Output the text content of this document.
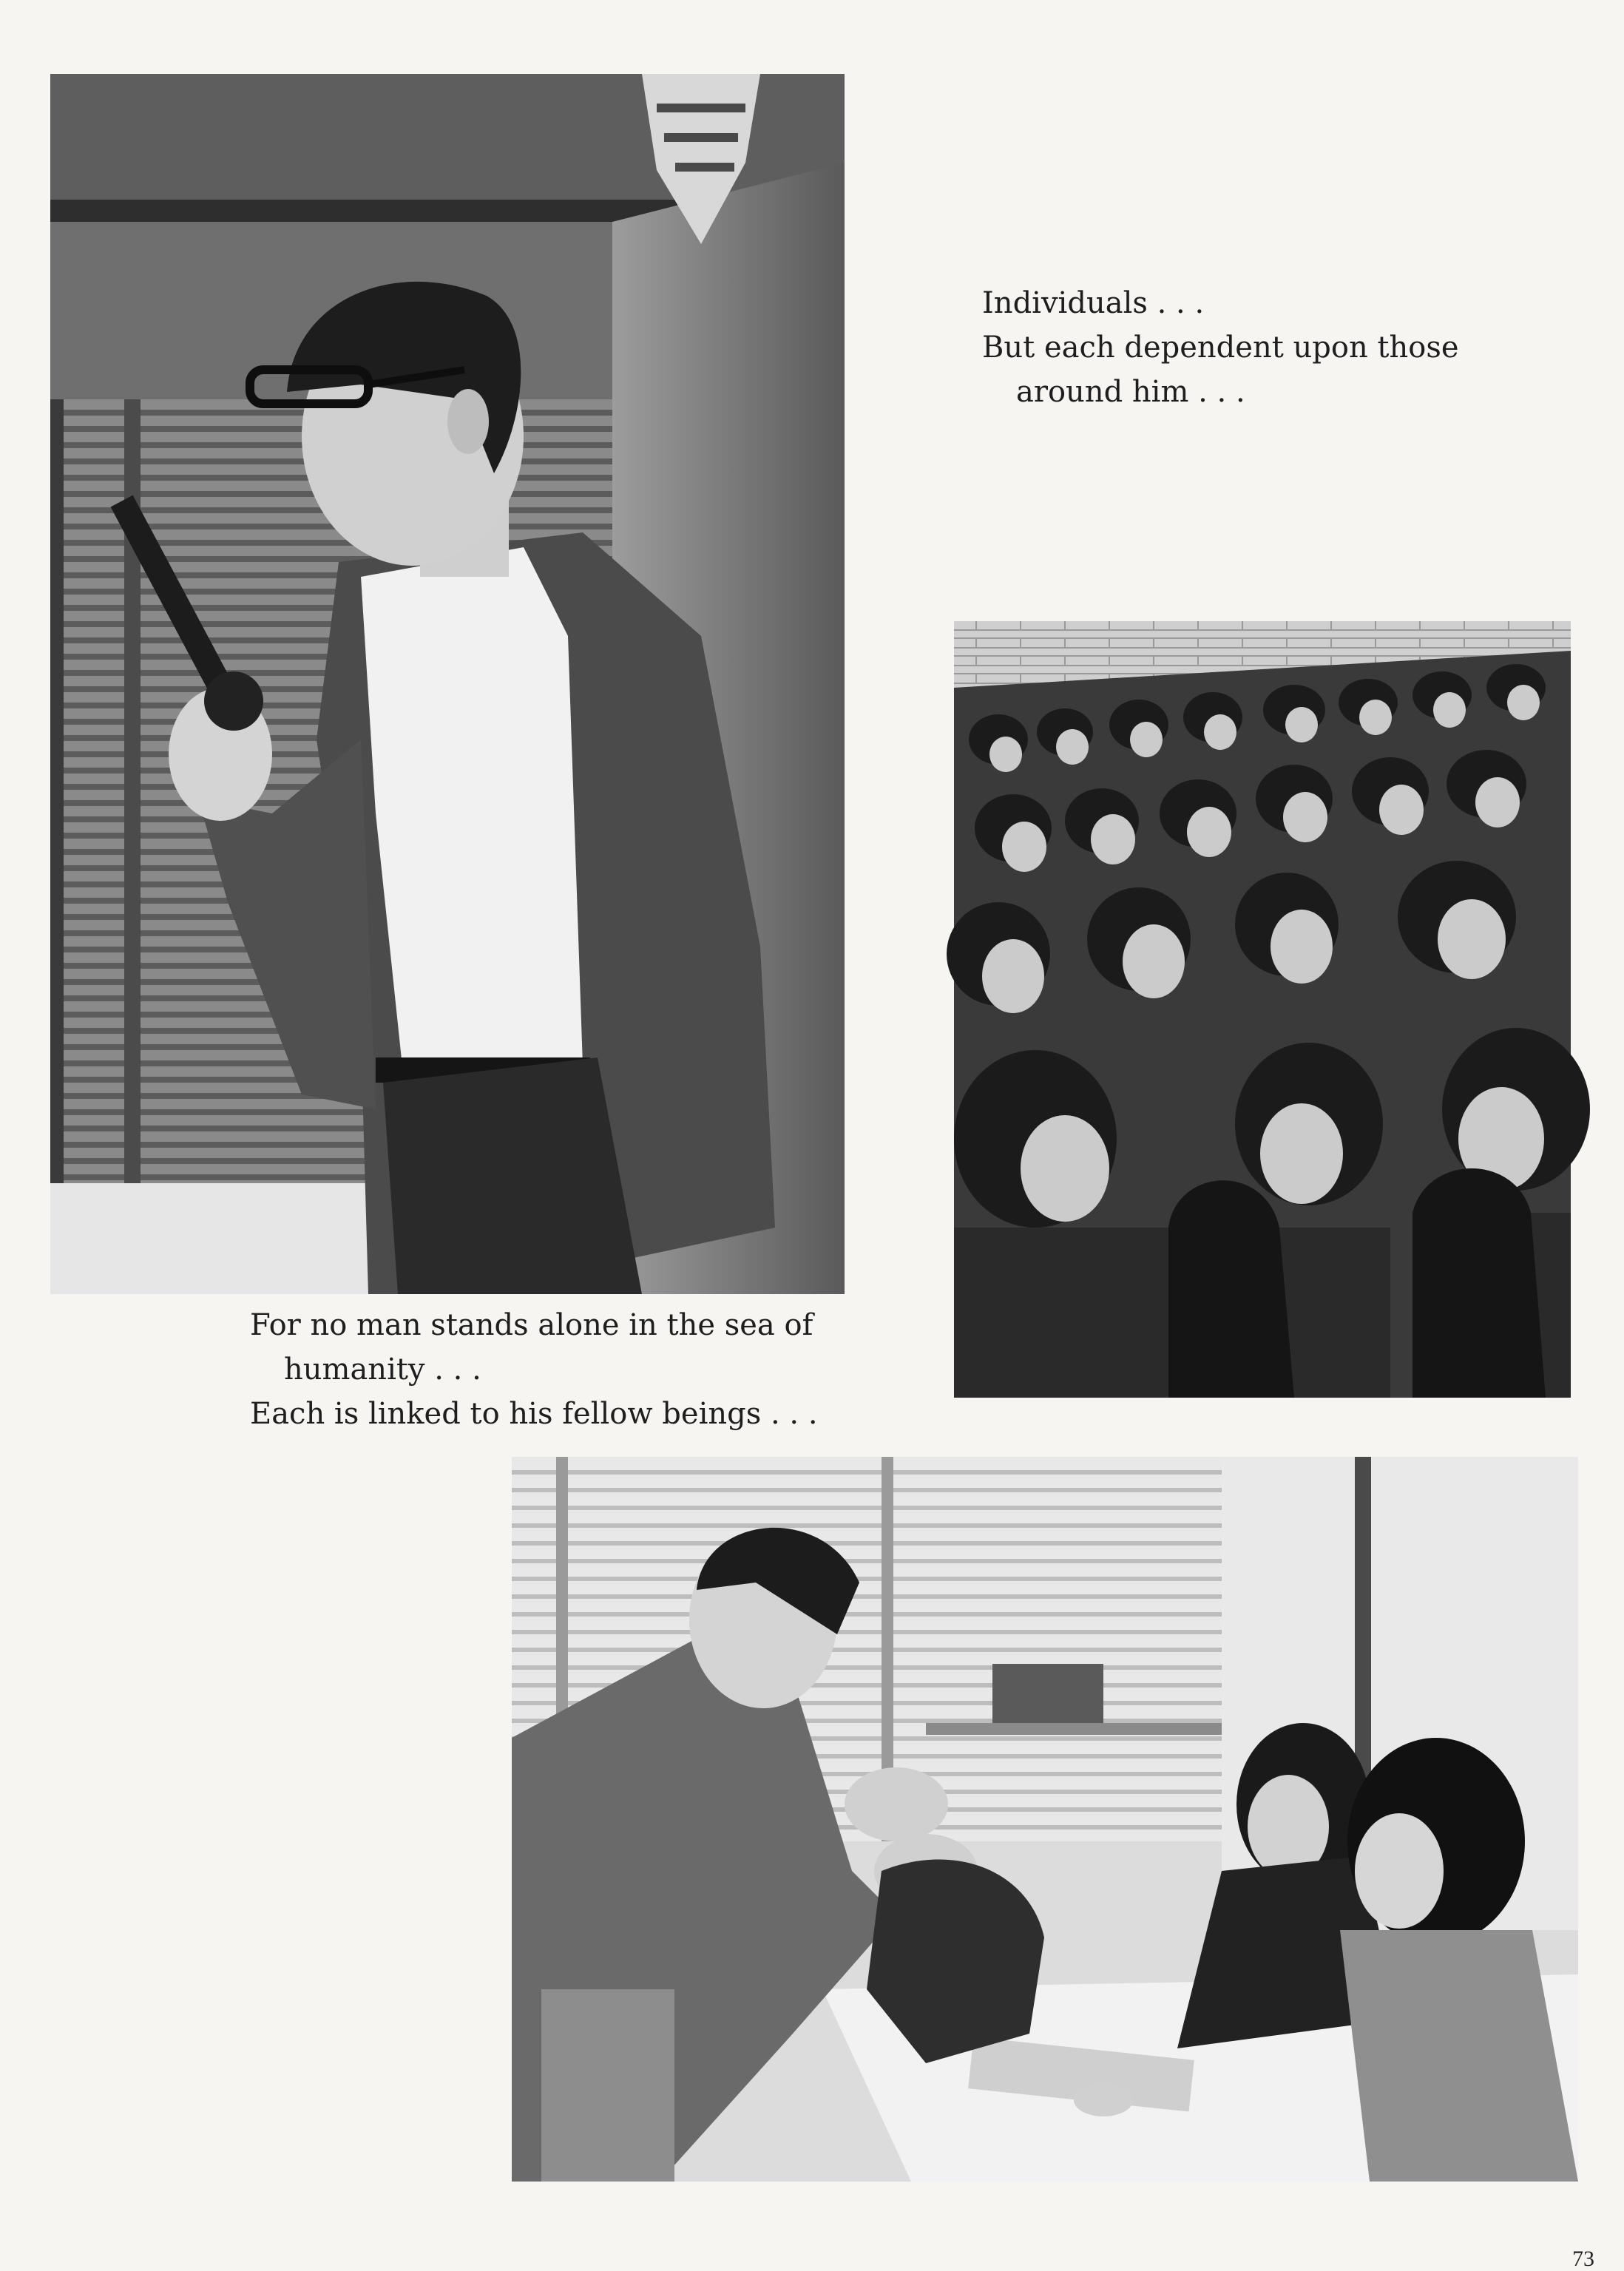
Individuals . . .
But each dependent upon those
around him . . .
For no man stands alone in the sea of
humanity . . .
Each is linked to his fellow beings . . .
73
